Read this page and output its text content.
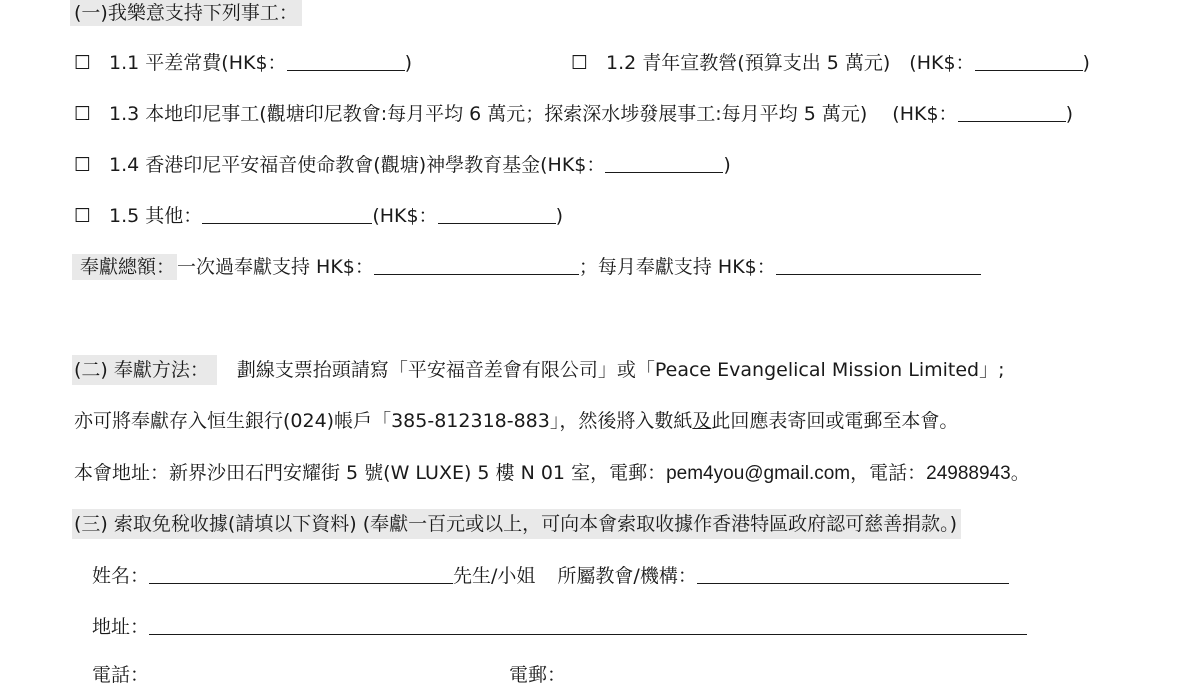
(一)我樂意支持下列事工：
☐ 1.1 平差常費(HK$：	)	☐ 1.2 青年宣教營(預算支出 5 萬元)　(HK$：	)
☐ 1.3 本地印尼事工(觀塘印尼教會:每月平均 6 萬元；探索深水埗發展事工:每月平均 5 萬元)　 (HK$：	)
☐ 1.4 香港印尼平安福音使命教會(觀塘)神學教育基金(HK$：	)
☐ 1.5 其他：	(HK$：	)
奉獻總額： 一次過奉獻支持 HK$：	；每月奉獻支持 HK$：
(二) 奉獻方法： 劃線支票抬頭請寫「平安福音差會有限公司」或「Peace Evangelical Mission Limited」;
亦可將奉獻存入恒生銀行(024)帳戶「385-812318-883」，然後將入數紙及此回應表寄回或電郵至本會。
本會地址：新界沙田石門安耀街 5 號(W LUXE) 5 樓 N 01 室，電郵：pem4you@gmail.com，電話：24988943。
(三) 索取免稅收據(請填以下資料) (奉獻一百元或以上，可向本會索取收據作香港特區政府認可慈善捐款。)
姓名：	先生/小姐 所屬教會/機構：
地址：
電話：	電郵：
